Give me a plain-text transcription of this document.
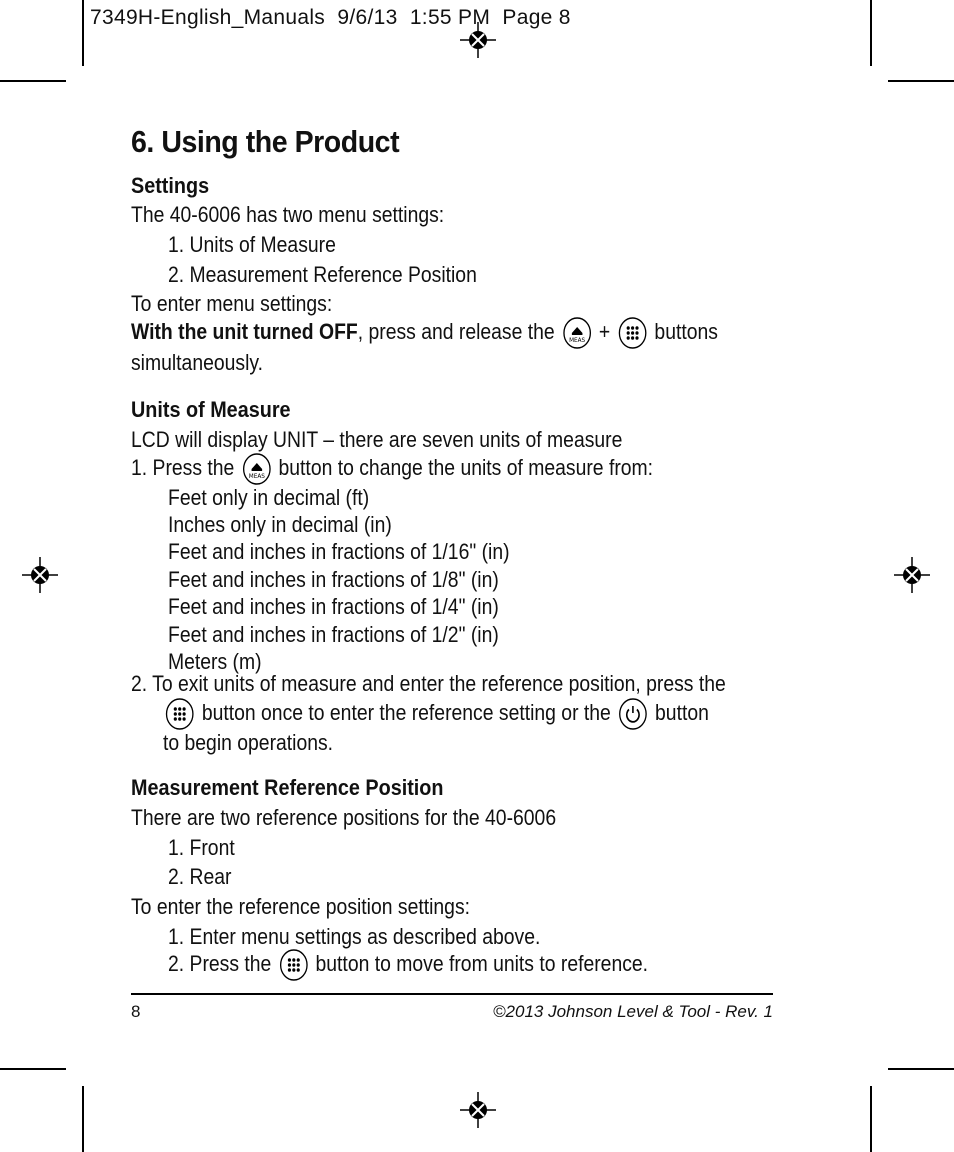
7349H-English_Manuals  9/6/13  1:55 PM  Page 8
6. Using the Product
Settings
The 40-6006 has two menu settings:
1. Units of Measure
2. Measurement Reference Position
To enter menu settings:
With the unit turned OFF, press and release the MEAS + buttons
simultaneously.
Units of Measure
LCD will display UNIT – there are seven units of measure
1. Press the MEAS button to change the units of measure from:
Feet only in decimal (ft)
Inches only in decimal (in)
Feet and inches in fractions of 1/16" (in)
Feet and inches in fractions of 1/8" (in)
Feet and inches in fractions of 1/4" (in)
Feet and inches in fractions of 1/2" (in)
Meters (m)
2. To exit units of measure and enter the reference position, press the
button once to enter the reference setting or the button
to begin operations.
Measurement Reference Position
There are two reference positions for the 40-6006
1. Front
2. Rear
To enter the reference position settings:
1. Enter menu settings as described above.
2. Press the button to move from units to reference.
8	©2013 Johnson Level & Tool - Rev. 1
